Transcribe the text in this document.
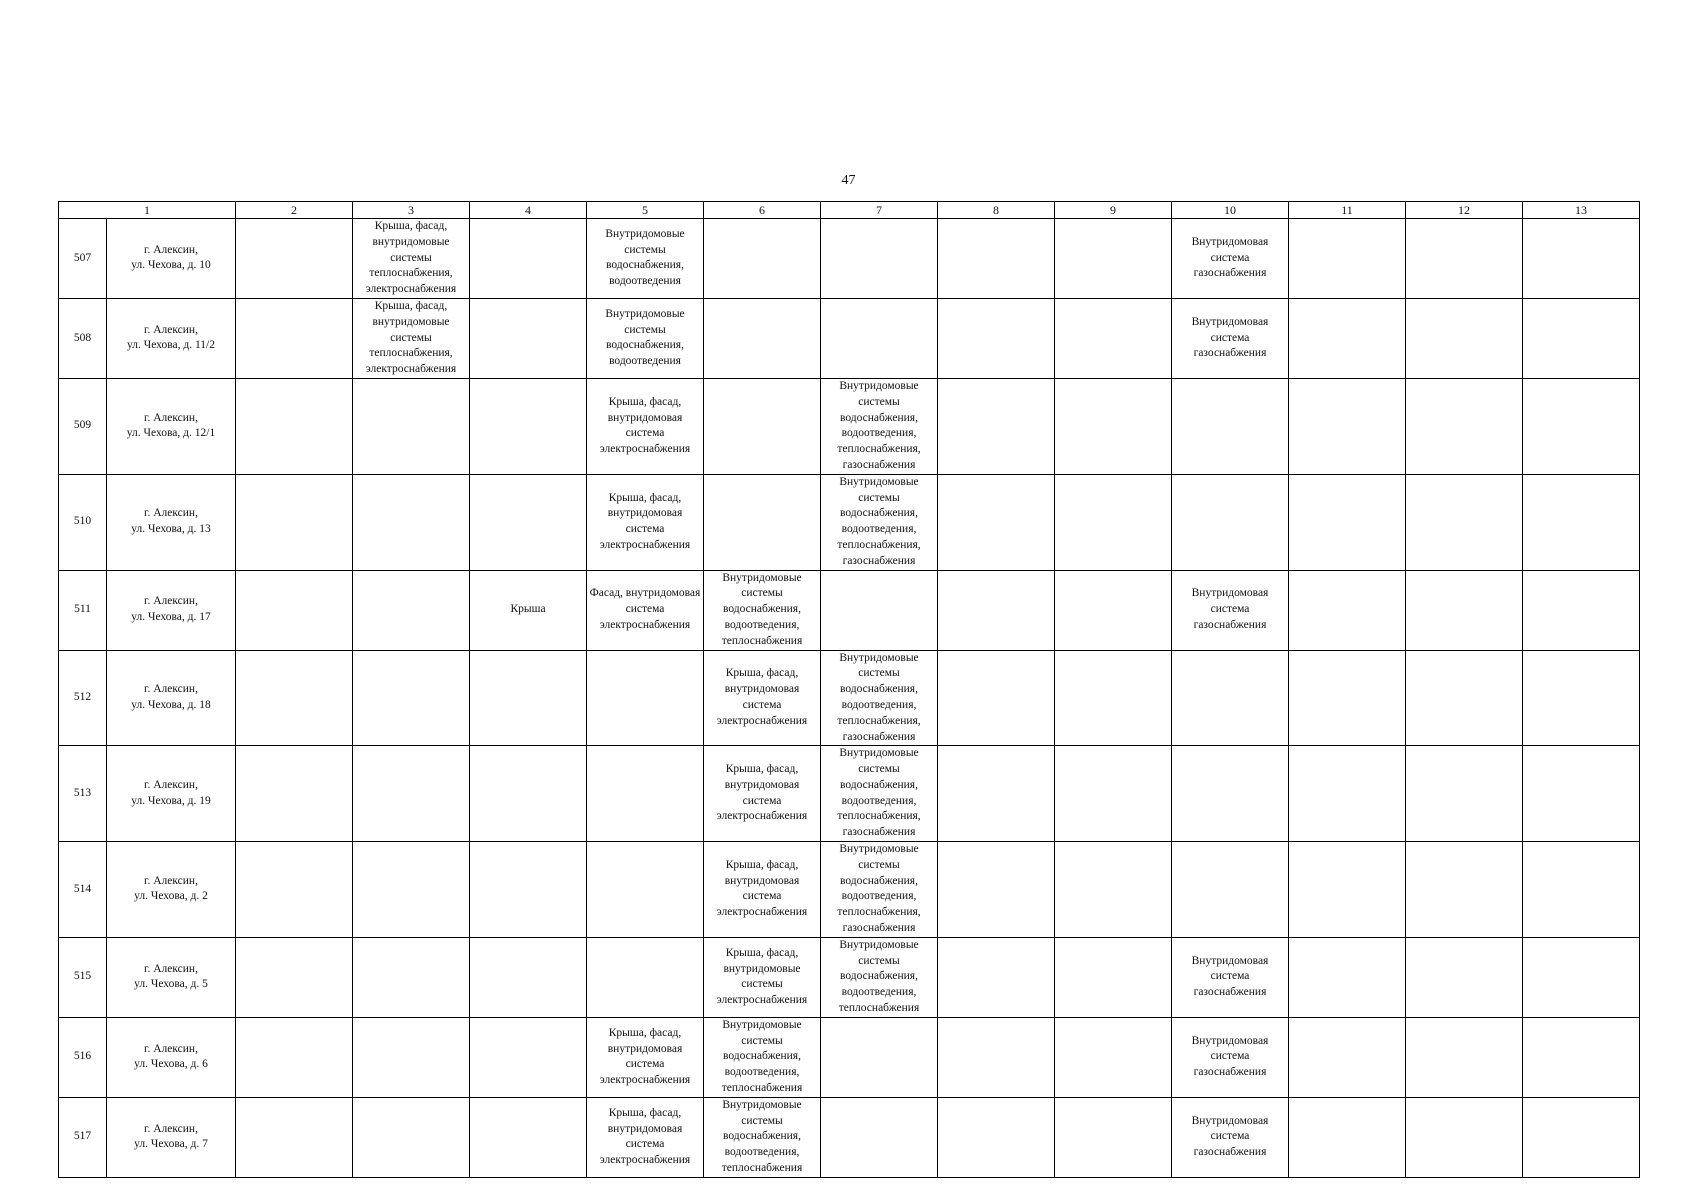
47
1		2	3	4	5	6	7	8	9	10	11	12	13
507	г. Алексин,
ул. Чехова, д. 10		Крыша, фасад, внутридомовые системы теплоснабжения, электроснабжения		Внутридомовые системы водоснабжения, водоотведения					Внутридомовая система газоснабжения			

508	г. Алексин,
ул. Чехова, д. 11/2		Крыша, фасад, внутридомовые системы теплоснабжения, электроснабжения		Внутридомовые системы водоснабжения, водоотведения					Внутридомовая система газоснабжения			

509	г. Алексин,
ул. Чехова, д. 12/1				Крыша, фасад, внутридомовая система электроснабжения		Внутридомовые системы водоснабжения, водоотведения, теплоснабжения, газоснабжения						

510	г. Алексин,
ул. Чехова, д. 13				Крыша, фасад, внутридомовая система электроснабжения		Внутридомовые системы водоснабжения, водоотведения, теплоснабжения, газоснабжения						

511	г. Алексин,
ул. Чехова, д. 17			Крыша	Фасад, внутридомовая система электроснабжения	Внутридомовые системы водоснабжения, водоотведения, теплоснабжения				Внутридомовая система газоснабжения			

512	г. Алексин,
ул. Чехова, д. 18					Крыша, фасад, внутридомовая система электроснабжения	Внутридомовые системы водоснабжения, водоотведения, теплоснабжения, газоснабжения						

513	г. Алексин,
ул. Чехова, д. 19					Крыша, фасад, внутридомовая система электроснабжения	Внутридомовые системы водоснабжения, водоотведения, теплоснабжения, газоснабжения						

514	г. Алексин,
ул. Чехова, д. 2					Крыша, фасад, внутридомовая система электроснабжения	Внутридомовые системы водоснабжения, водоотведения, теплоснабжения, газоснабжения						

515	г. Алексин,
ул. Чехова, д. 5					Крыша, фасад, внутридомовые системы электроснабжения	Внутридомовые системы водоснабжения, водоотведения, теплоснабжения			Внутридомовая система газоснабжения			

516	г. Алексин,
ул. Чехова, д. 6				Крыша, фасад, внутридомовая система электроснабжения	Внутридомовые системы водоснабжения, водоотведения, теплоснабжения				Внутридомовая система газоснабжения			

517	г. Алексин,
ул. Чехова, д. 7				Крыша, фасад, внутридомовая система электроснабжения	Внутридомовые системы водоснабжения, водоотведения, теплоснабжения				Внутридомовая система газоснабжения			
